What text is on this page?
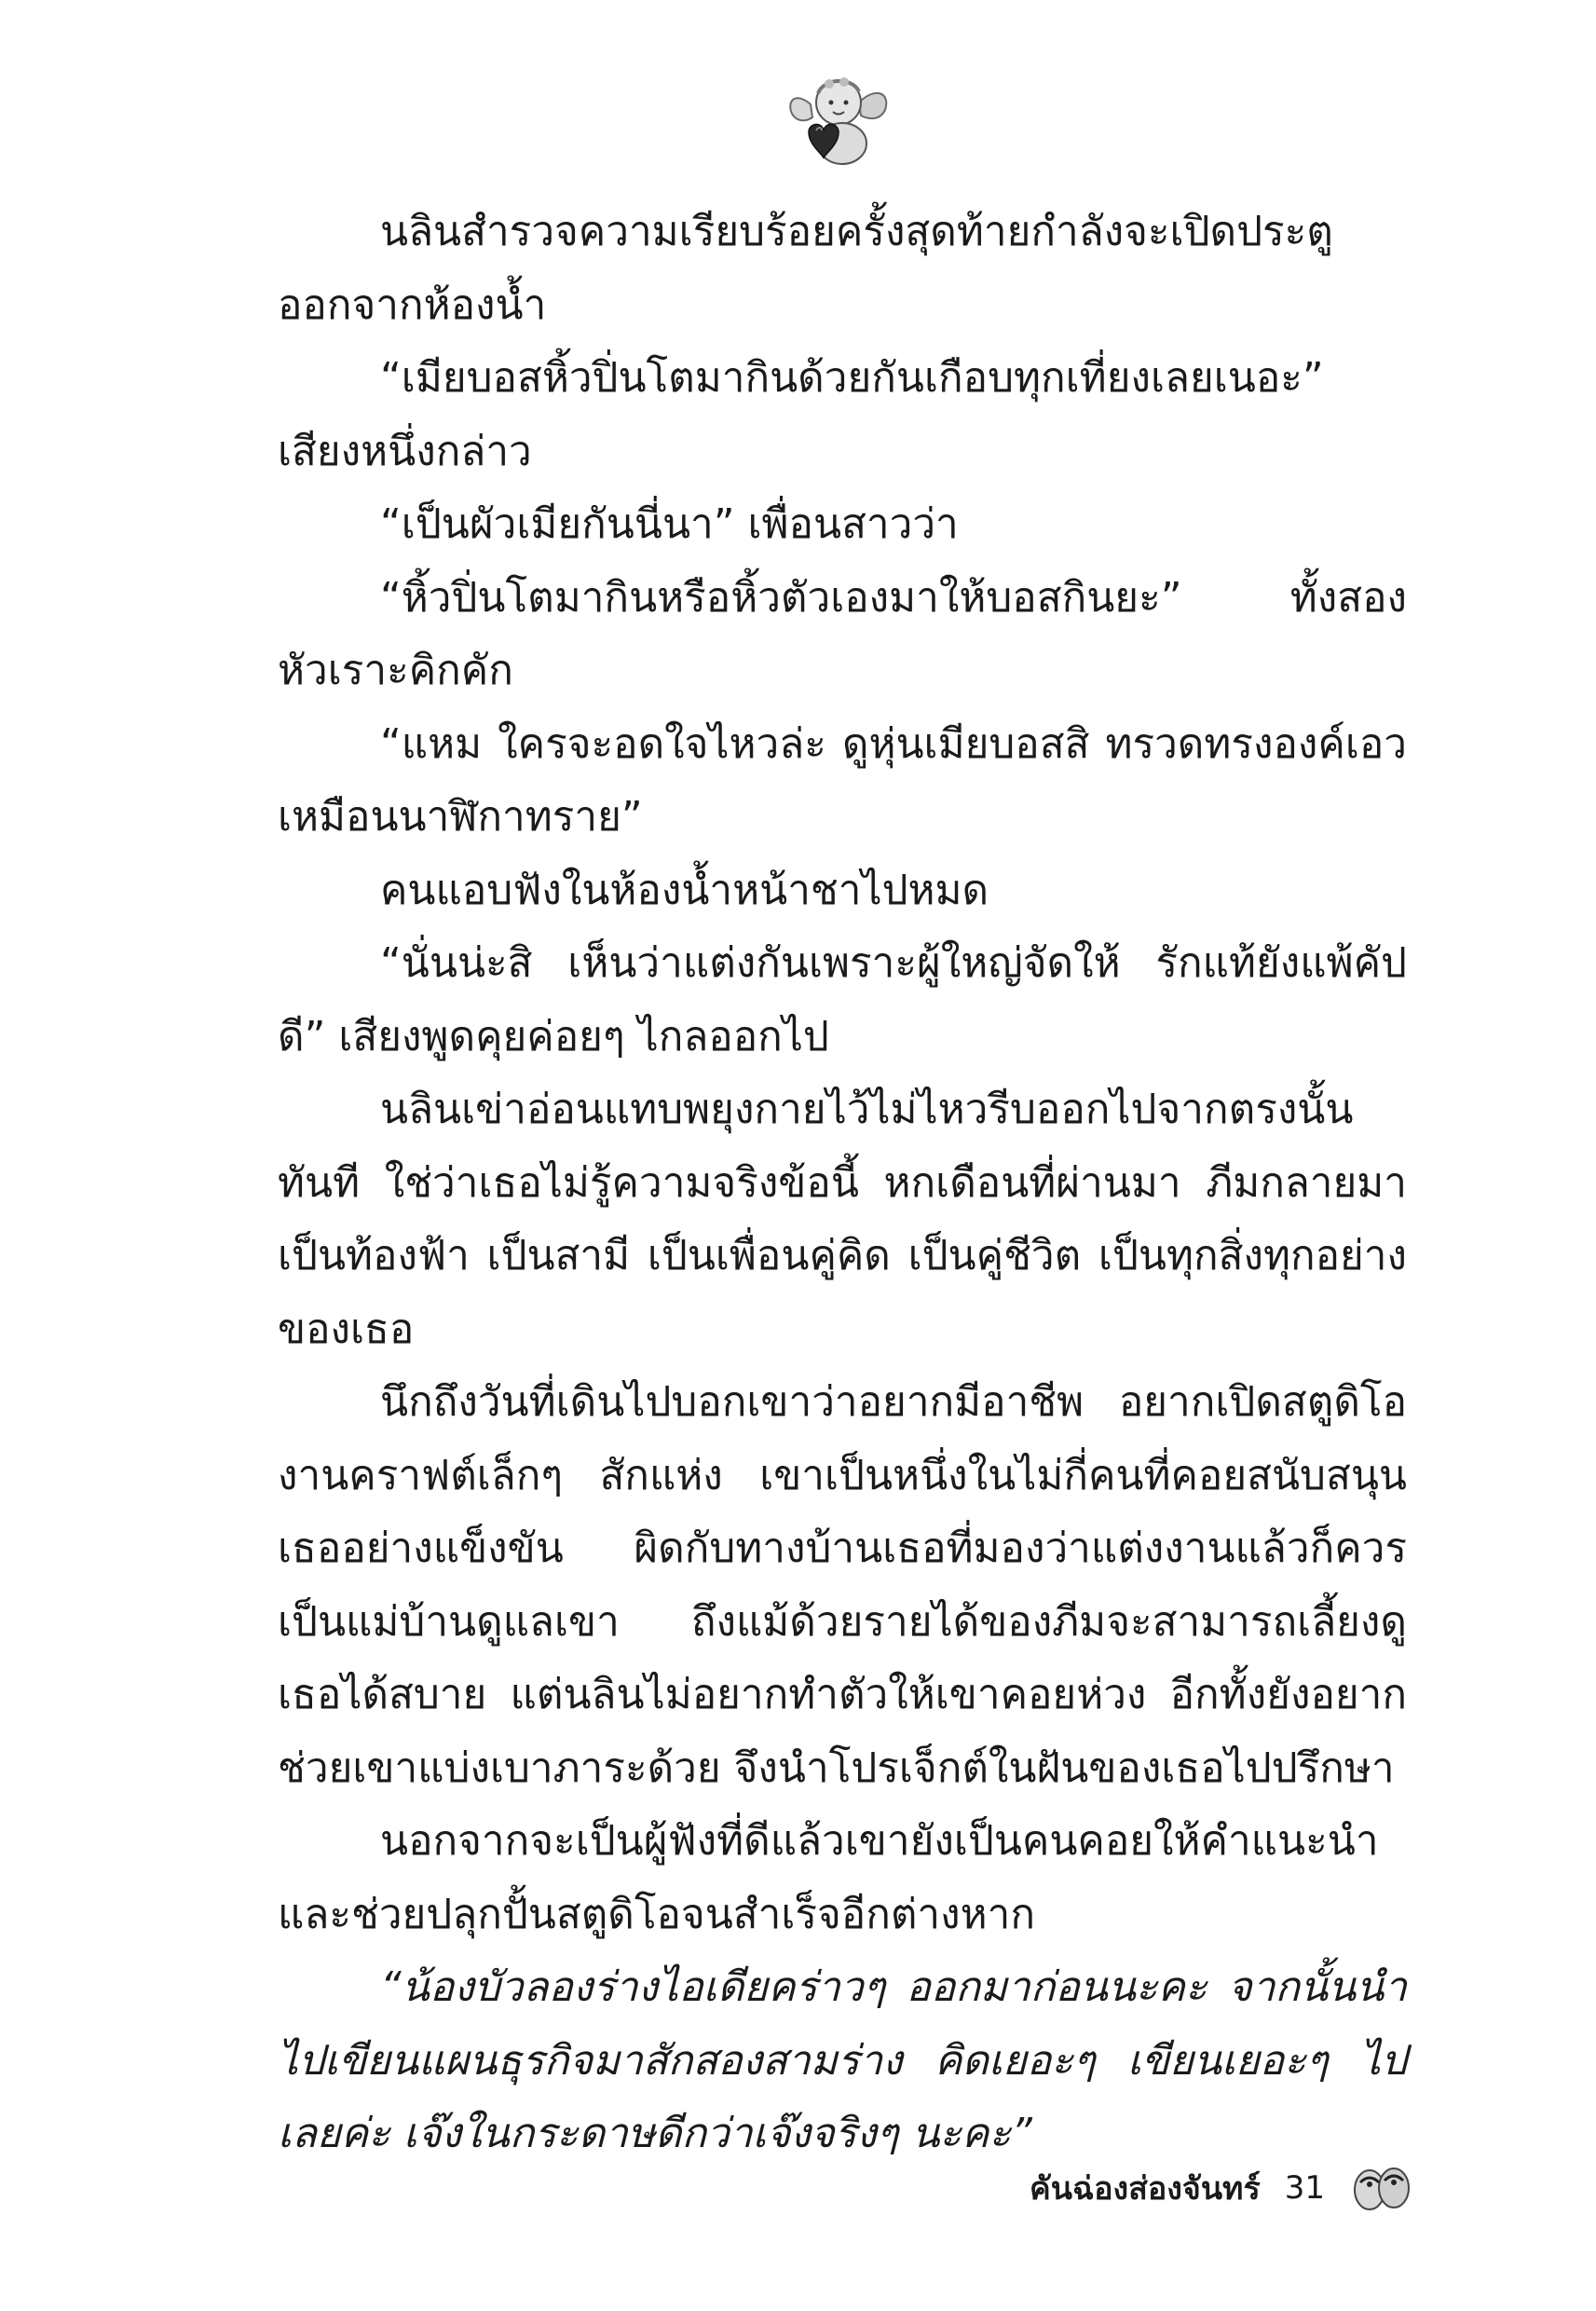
นลินสำรวจความเรียบร้อยครั้งสุดท้ายกำลังจะเปิดประตูออกจากห้องน้ำ

“เมียบอสหิ้วปิ่นโตมากินด้วยกันเกือบทุกเที่ยงเลยเนอะ” เสียงหนึ่งกล่าว

“เป็นผัวเมียกันนี่นา” เพื่อนสาวว่า

“หิ้วปิ่นโตมากินหรือหิ้วตัวเองมาให้บอสกินยะ” ทั้งสองหัวเราะคิกคัก

“แหม ใครจะอดใจไหวล่ะ ดูหุ่นเมียบอสสิ ทรวดทรงองค์เอวเหมือนนาฬิกาทราย”

คนแอบฟังในห้องน้ำหน้าชาไปหมด

“นั่นน่ะสิ เห็นว่าแต่งกันเพราะผู้ใหญ่จัดให้ รักแท้ยังแพ้คัปดี” เสียงพูดคุยค่อยๆ ไกลออกไป

นลินเข่าอ่อนแทบพยุงกายไว้ไม่ไหวรีบออกไปจากตรงนั้นทันที ใช่ว่าเธอไม่รู้ความจริงข้อนี้ หกเดือนที่ผ่านมา ภีมกลายมาเป็นท้องฟ้า เป็นสามี เป็นเพื่อนคู่คิด เป็นคู่ชีวิต เป็นทุกสิ่งทุกอย่างของเธอ

นึกถึงวันที่เดินไปบอกเขาว่าอยากมีอาชีพ อยากเปิดสตูดิโองานคราฟต์เล็กๆ สักแห่ง เขาเป็นหนึ่งในไม่กี่คนที่คอยสนับสนุนเธออย่างแข็งขัน ผิดกับทางบ้านเธอที่มองว่าแต่งงานแล้วก็ควรเป็นแม่บ้านดูแลเขา ถึงแม้ด้วยรายได้ของภีมจะสามารถเลี้ยงดูเธอได้สบาย แต่นลินไม่อยากทำตัวให้เขาคอยห่วง อีกทั้งยังอยากช่วยเขาแบ่งเบาภาระด้วย จึงนำโปรเจ็กต์ในฝันของเธอไปปรึกษา

นอกจากจะเป็นผู้ฟังที่ดีแล้วเขายังเป็นคนคอยให้คำแนะนำและช่วยปลุกปั้นสตูดิโอจนสำเร็จอีกต่างหาก

“น้องบัวลองร่างไอเดียคร่าวๆ ออกมาก่อนนะคะ จากนั้นนำไปเขียนแผนธุรกิจมาสักสองสามร่าง คิดเยอะๆ เขียนเยอะๆ ไปเลยค่ะ เจ๊งในกระดาษดีกว่าเจ๊งจริงๆ นะคะ”

คันฉ่องส่องจันทร์ 31
